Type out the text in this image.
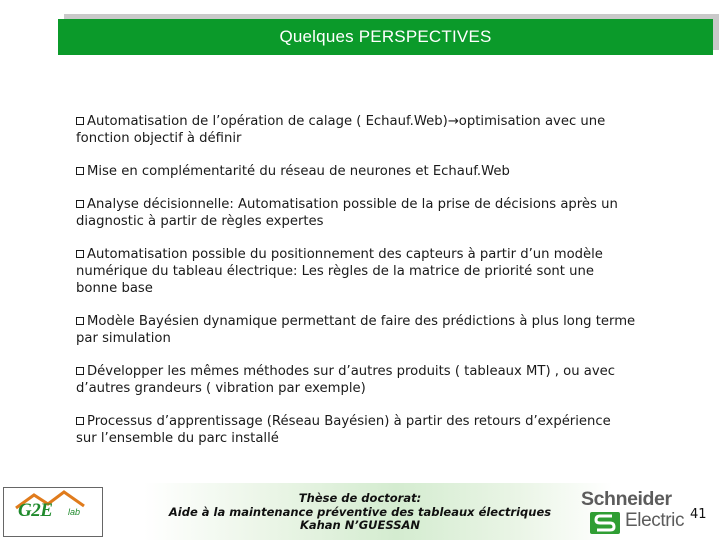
Quelques PERSPECTIVES

Automatisation de l’opération de calage ( Echauf.Web)→optimisation avec une
fonction objectif à définir

Mise en complémentarité du réseau de neurones et Echauf.Web

Analyse décisionnelle: Automatisation possible de la prise de décisions après un
diagnostic à partir de règles expertes

Automatisation possible du positionnement des capteurs à partir d’un modèle
numérique du tableau électrique: Les règles de la matrice de priorité sont une
bonne base

Modèle Bayésien dynamique permettant de faire des prédictions à plus long terme
par simulation

Développer les mêmes méthodes sur d’autres produits ( tableaux MT) , ou avec
d’autres grandeurs ( vibration par exemple)

Processus d’apprentissage (Réseau Bayésien) à partir des retours d’expérience
sur l’ensemble du parc installé

G2E lab
Thèse de doctorat:
Aide à la maintenance préventive des tableaux électriques
Kahan N’GUESSAN
Schneider
Electric 41
